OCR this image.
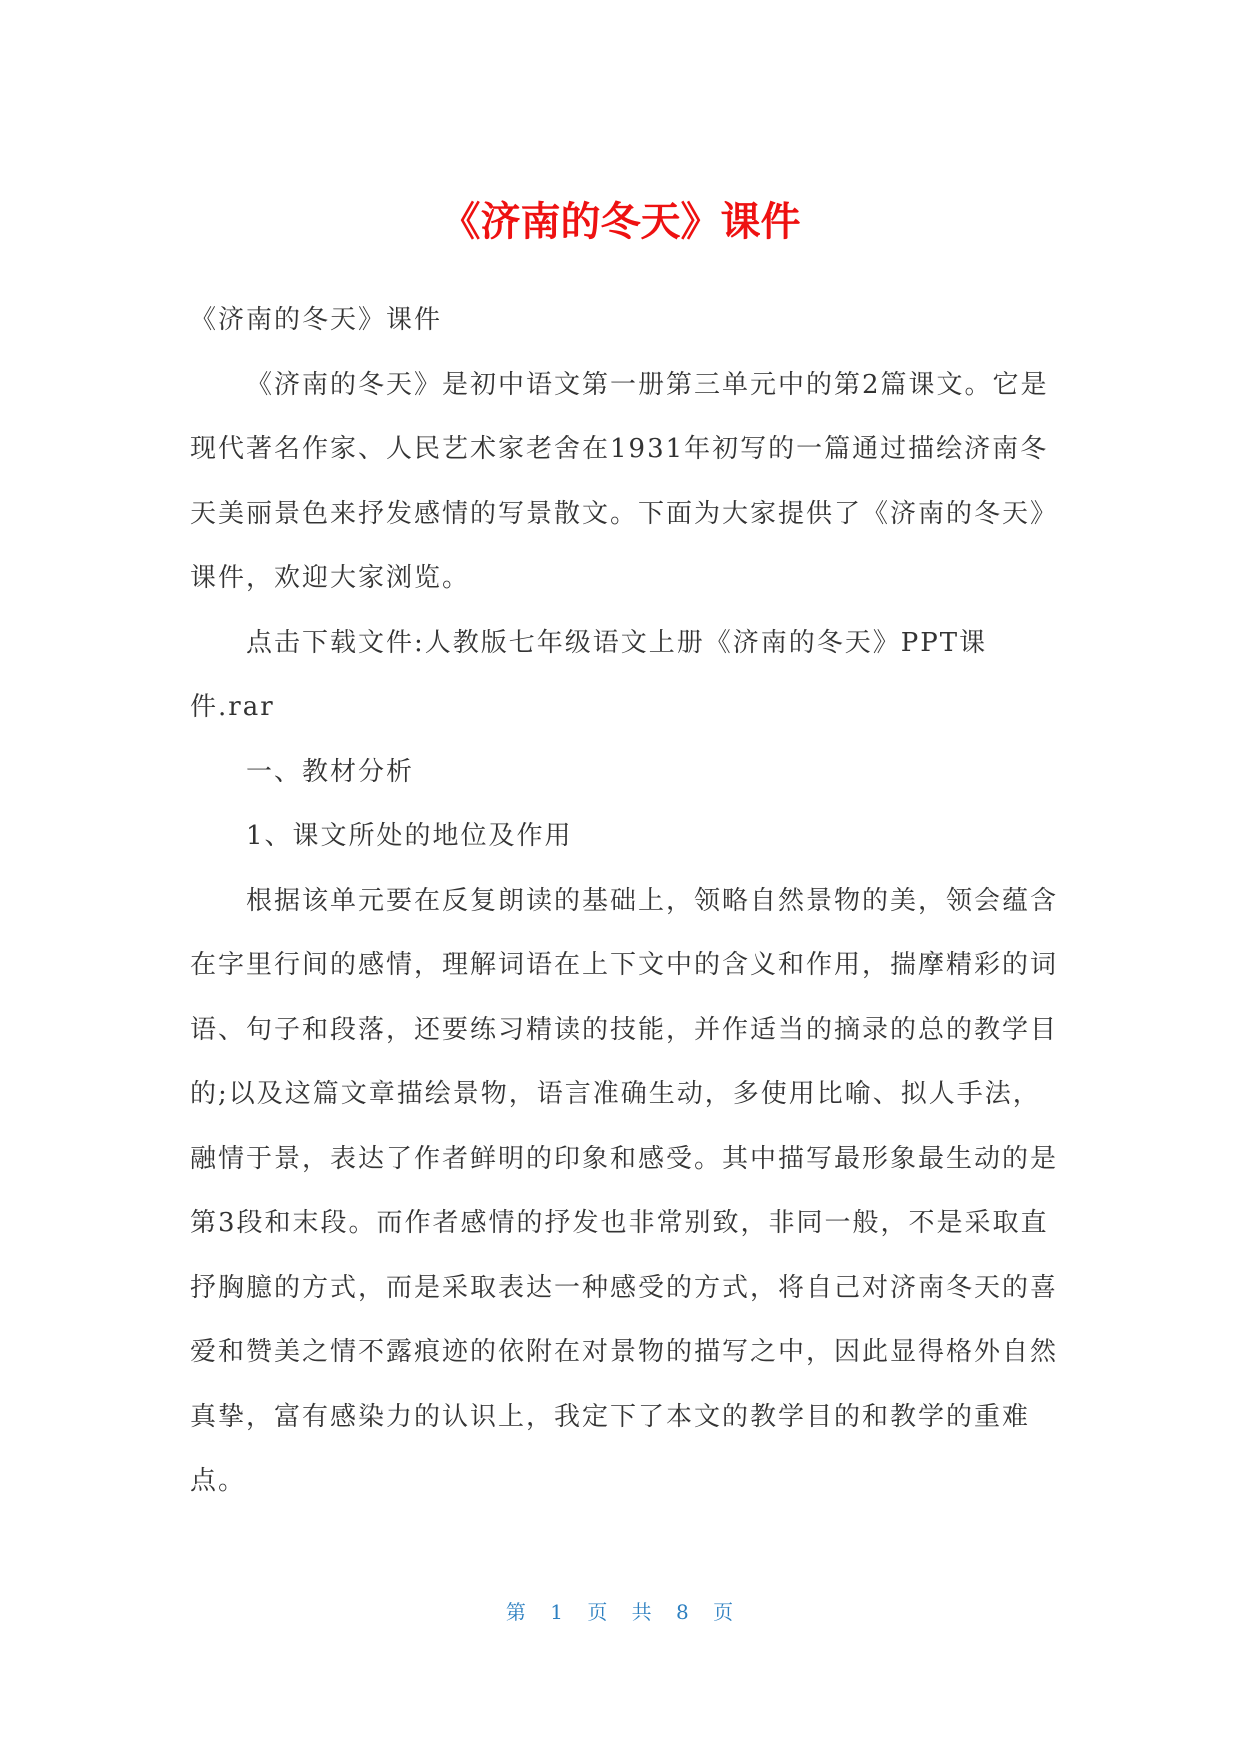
《济南的冬天》课件

《济南的冬天》课件

《济南的冬天》是初中语文第一册第三单元中的第2篇课文。它是现代著名作家、人民艺术家老舍在1931年初写的一篇通过描绘济南冬天美丽景色来抒发感情的写景散文。下面为大家提供了《济南的冬天》课件，欢迎大家浏览。

点击下载文件:人教版七年级语文上册《济南的冬天》PPT课件.rar

一、教材分析

1、课文所处的地位及作用

根据该单元要在反复朗读的基础上，领略自然景物的美，领会蕴含在字里行间的感情，理解词语在上下文中的含义和作用，揣摩精彩的词语、句子和段落，还要练习精读的技能，并作适当的摘录的总的教学目的;以及这篇文章描绘景物，语言准确生动，多使用比喻、拟人手法，融情于景，表达了作者鲜明的印象和感受。其中描写最形象最生动的是第3段和末段。而作者感情的抒发也非常别致，非同一般，不是采取直抒胸臆的方式，而是采取表达一种感受的方式，将自己对济南冬天的喜爱和赞美之情不露痕迹的依附在对景物的描写之中，因此显得格外自然真挚，富有感染力的认识上，我定下了本文的教学目的和教学的重难点。

第 1 页 共 8 页
